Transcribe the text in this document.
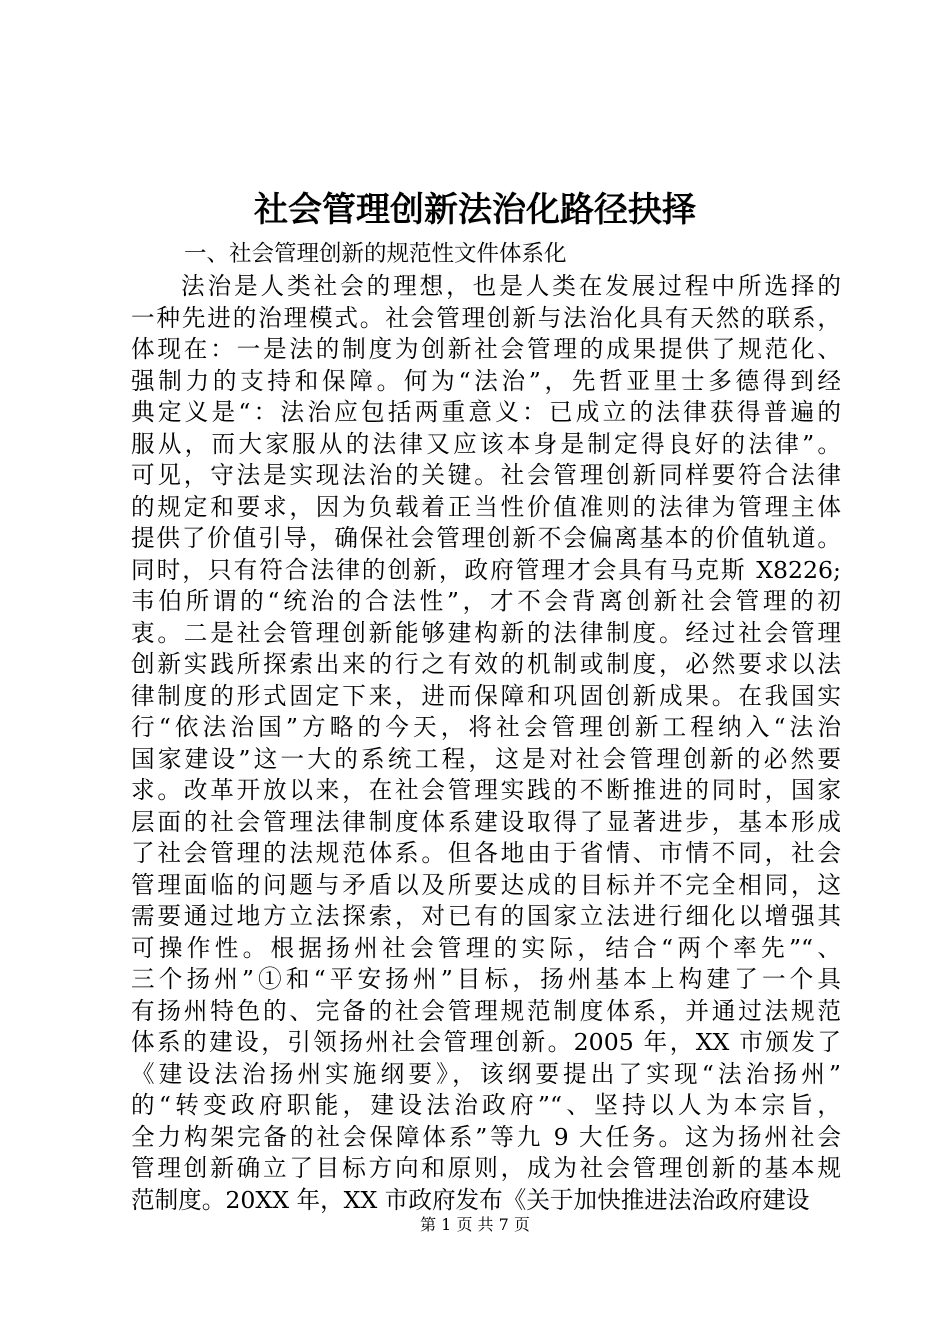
社会管理创新法治化路径抉择

一、社会管理创新的规范性文件体系化

法治是人类社会的理想，也是人类在发展过程中所选择的
一种先进的治理模式。社会管理创新与法治化具有天然的联系，
体现在：一是法的制度为创新社会管理的成果提供了规范化、
强制力的支持和保障。何为“法治”，先哲亚里士多德得到经
典定义是“：法治应包括两重意义：已成立的法律获得普遍的
服从，而大家服从的法律又应该本身是制定得良好的法律”。
可见，守法是实现法治的关键。社会管理创新同样要符合法律
的规定和要求，因为负载着正当性价值准则的法律为管理主体
提供了价值引导，确保社会管理创新不会偏离基本的价值轨道。
同时，只有符合法律的创新，政府管理才会具有马克斯 X8226;
韦伯所谓的“统治的合法性”，才不会背离创新社会管理的初
衷。二是社会管理创新能够建构新的法律制度。经过社会管理
创新实践所探索出来的行之有效的机制或制度，必然要求以法
律制度的形式固定下来，进而保障和巩固创新成果。在我国实
行“依法治国”方略的今天，将社会管理创新工程纳入“法治
国家建设”这一大的系统工程，这是对社会管理创新的必然要
求。改革开放以来，在社会管理实践的不断推进的同时，国家
层面的社会管理法律制度体系建设取得了显著进步，基本形成
了社会管理的法规范体系。但各地由于省情、市情不同，社会
管理面临的问题与矛盾以及所要达成的目标并不完全相同，这
需要通过地方立法探索，对已有的国家立法进行细化以增强其
可操作性。根据扬州社会管理的实际，结合“两个率先”“、
三个扬州”①和“平安扬州”目标，扬州基本上构建了一个具
有扬州特色的、完备的社会管理规范制度体系，并通过法规范
体系的建设，引领扬州社会管理创新。2005 年，XX 市颁发了
《建设法治扬州实施纲要》，该纲要提出了实现“法治扬州”
的“转变政府职能，建设法治政府”“、坚持以人为本宗旨，
全力构架完备的社会保障体系”等九 9 大任务。这为扬州社会
管理创新确立了目标方向和原则，成为社会管理创新的基本规
范制度。20XX 年，XX 市政府发布《关于加快推进法治政府建设
第 1 页 共 7 页
